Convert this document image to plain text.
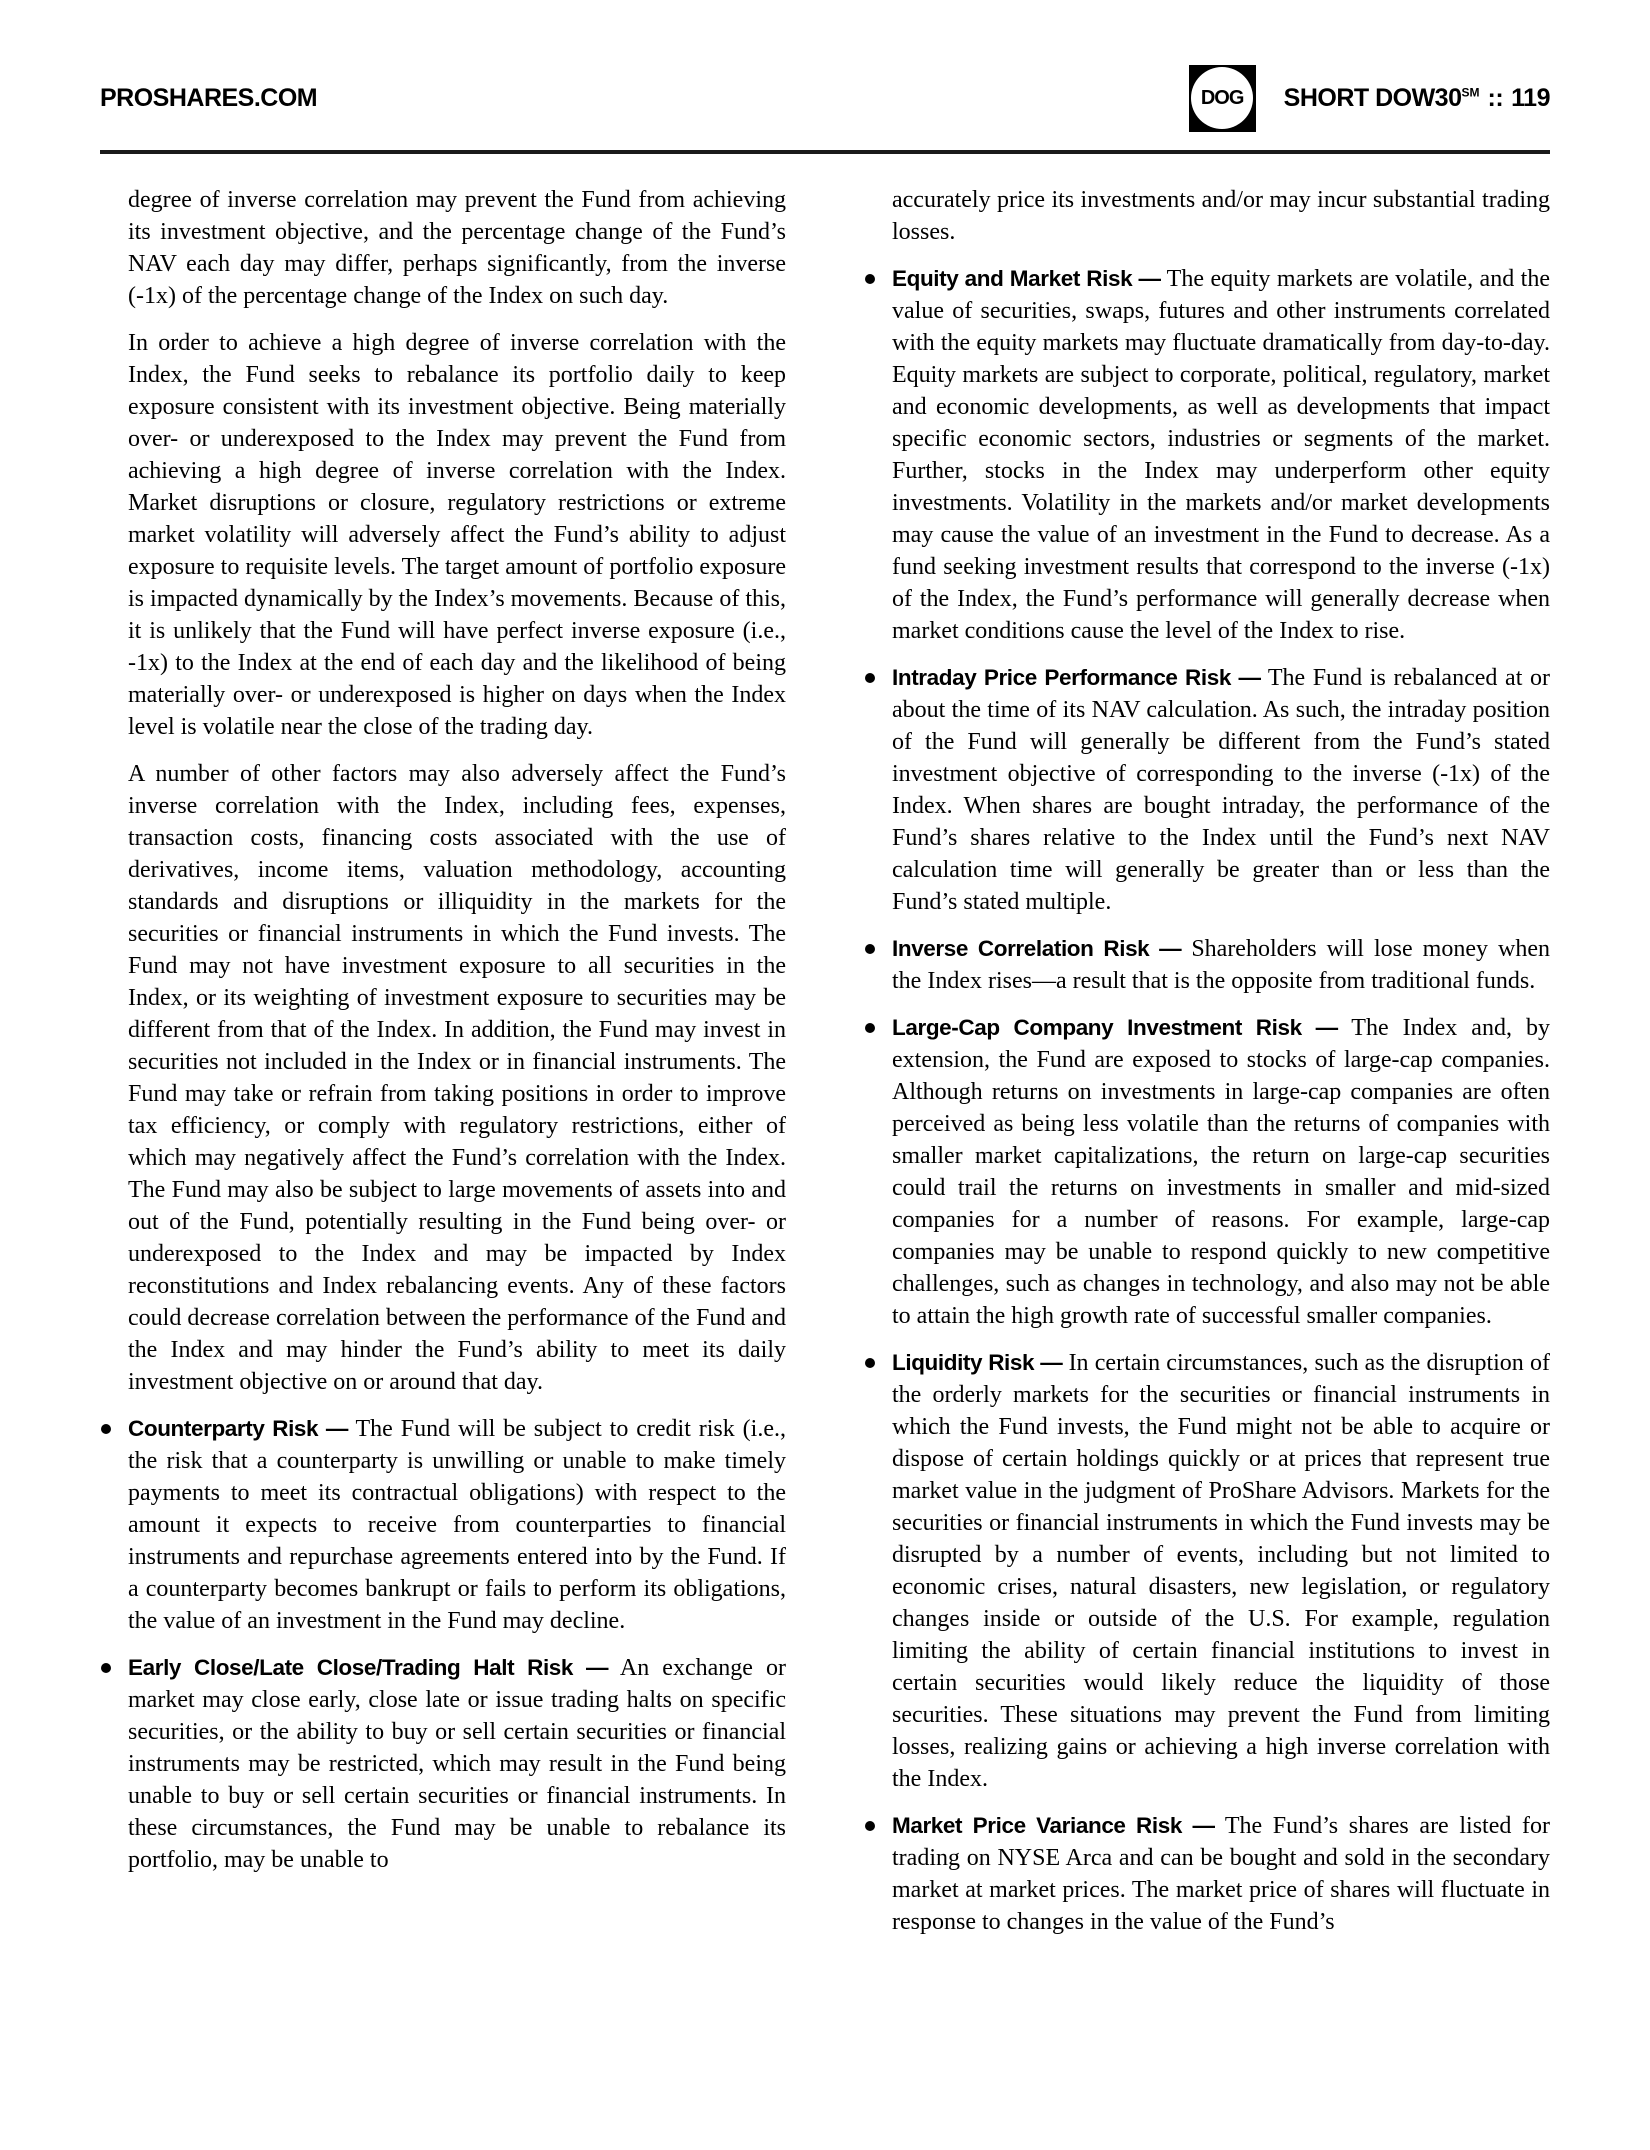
PROSHARES.COM	DOG SHORT DOW30℠ :: 119

degree of inverse correlation may prevent the Fund from achieving its investment objective, and the percentage change of the Fund’s NAV each day may differ, perhaps significantly, from the inverse (-1x) of the percentage change of the Index on such day.

In order to achieve a high degree of inverse correlation with the Index, the Fund seeks to rebalance its portfolio daily to keep exposure consistent with its investment objective. Being materially over- or underexposed to the Index may prevent the Fund from achieving a high degree of inverse correlation with the Index. Market disruptions or closure, regulatory restrictions or extreme market volatility will adversely affect the Fund’s ability to adjust exposure to requisite levels. The target amount of portfolio exposure is impacted dynamically by the Index’s movements. Because of this, it is unlikely that the Fund will have perfect inverse exposure (i.e., -1x) to the Index at the end of each day and the likelihood of being materially over- or underexposed is higher on days when the Index level is volatile near the close of the trading day.

A number of other factors may also adversely affect the Fund’s inverse correlation with the Index, including fees, expenses, transaction costs, financing costs associated with the use of derivatives, income items, valuation methodology, accounting standards and disruptions or illiquidity in the markets for the securities or financial instruments in which the Fund invests. The Fund may not have investment exposure to all securities in the Index, or its weighting of investment exposure to securities may be different from that of the Index. In addition, the Fund may invest in securities not included in the Index or in financial instruments. The Fund may take or refrain from taking positions in order to improve tax efficiency, or comply with regulatory restrictions, either of which may negatively affect the Fund’s correlation with the Index. The Fund may also be subject to large movements of assets into and out of the Fund, potentially resulting in the Fund being over- or underexposed to the Index and may be impacted by Index reconstitutions and Index rebalancing events. Any of these factors could decrease correlation between the performance of the Fund and the Index and may hinder the Fund’s ability to meet its daily investment objective on or around that day.

Counterparty Risk — The Fund will be subject to credit risk (i.e., the risk that a counterparty is unwilling or unable to make timely payments to meet its contractual obligations) with respect to the amount it expects to receive from counterparties to financial instruments and repurchase agreements entered into by the Fund. If a counterparty becomes bankrupt or fails to perform its obligations, the value of an investment in the Fund may decline.

Early Close/Late Close/Trading Halt Risk — An exchange or market may close early, close late or issue trading halts on specific securities, or the ability to buy or sell certain securities or financial instruments may be restricted, which may result in the Fund being unable to buy or sell certain securities or financial instruments. In these circumstances, the Fund may be unable to rebalance its portfolio, may be unable to

accurately price its investments and/or may incur substantial trading losses.

Equity and Market Risk — The equity markets are volatile, and the value of securities, swaps, futures and other instruments correlated with the equity markets may fluctuate dramatically from day-to-day. Equity markets are subject to corporate, political, regulatory, market and economic developments, as well as developments that impact specific economic sectors, industries or segments of the market. Further, stocks in the Index may underperform other equity investments. Volatility in the markets and/or market developments may cause the value of an investment in the Fund to decrease. As a fund seeking investment results that correspond to the inverse (-1x) of the Index, the Fund’s performance will generally decrease when market conditions cause the level of the Index to rise.

Intraday Price Performance Risk — The Fund is rebalanced at or about the time of its NAV calculation. As such, the intraday position of the Fund will generally be different from the Fund’s stated investment objective of corresponding to the inverse (-1x) of the Index. When shares are bought intraday, the performance of the Fund’s shares relative to the Index until the Fund’s next NAV calculation time will generally be greater than or less than the Fund’s stated multiple.

Inverse Correlation Risk — Shareholders will lose money when the Index rises—a result that is the opposite from traditional funds.

Large-Cap Company Investment Risk — The Index and, by extension, the Fund are exposed to stocks of large-cap companies. Although returns on investments in large-cap companies are often perceived as being less volatile than the returns of companies with smaller market capitalizations, the return on large-cap securities could trail the returns on investments in smaller and mid-sized companies for a number of reasons. For example, large-cap companies may be unable to respond quickly to new competitive challenges, such as changes in technology, and also may not be able to attain the high growth rate of successful smaller companies.

Liquidity Risk — In certain circumstances, such as the disruption of the orderly markets for the securities or financial instruments in which the Fund invests, the Fund might not be able to acquire or dispose of certain holdings quickly or at prices that represent true market value in the judgment of ProShare Advisors. Markets for the securities or financial instruments in which the Fund invests may be disrupted by a number of events, including but not limited to economic crises, natural disasters, new legislation, or regulatory changes inside or outside of the U.S. For example, regulation limiting the ability of certain financial institutions to invest in certain securities would likely reduce the liquidity of those securities. These situations may prevent the Fund from limiting losses, realizing gains or achieving a high inverse correlation with the Index.

Market Price Variance Risk — The Fund’s shares are listed for trading on NYSE Arca and can be bought and sold in the secondary market at market prices. The market price of shares will fluctuate in response to changes in the value of the Fund’s
